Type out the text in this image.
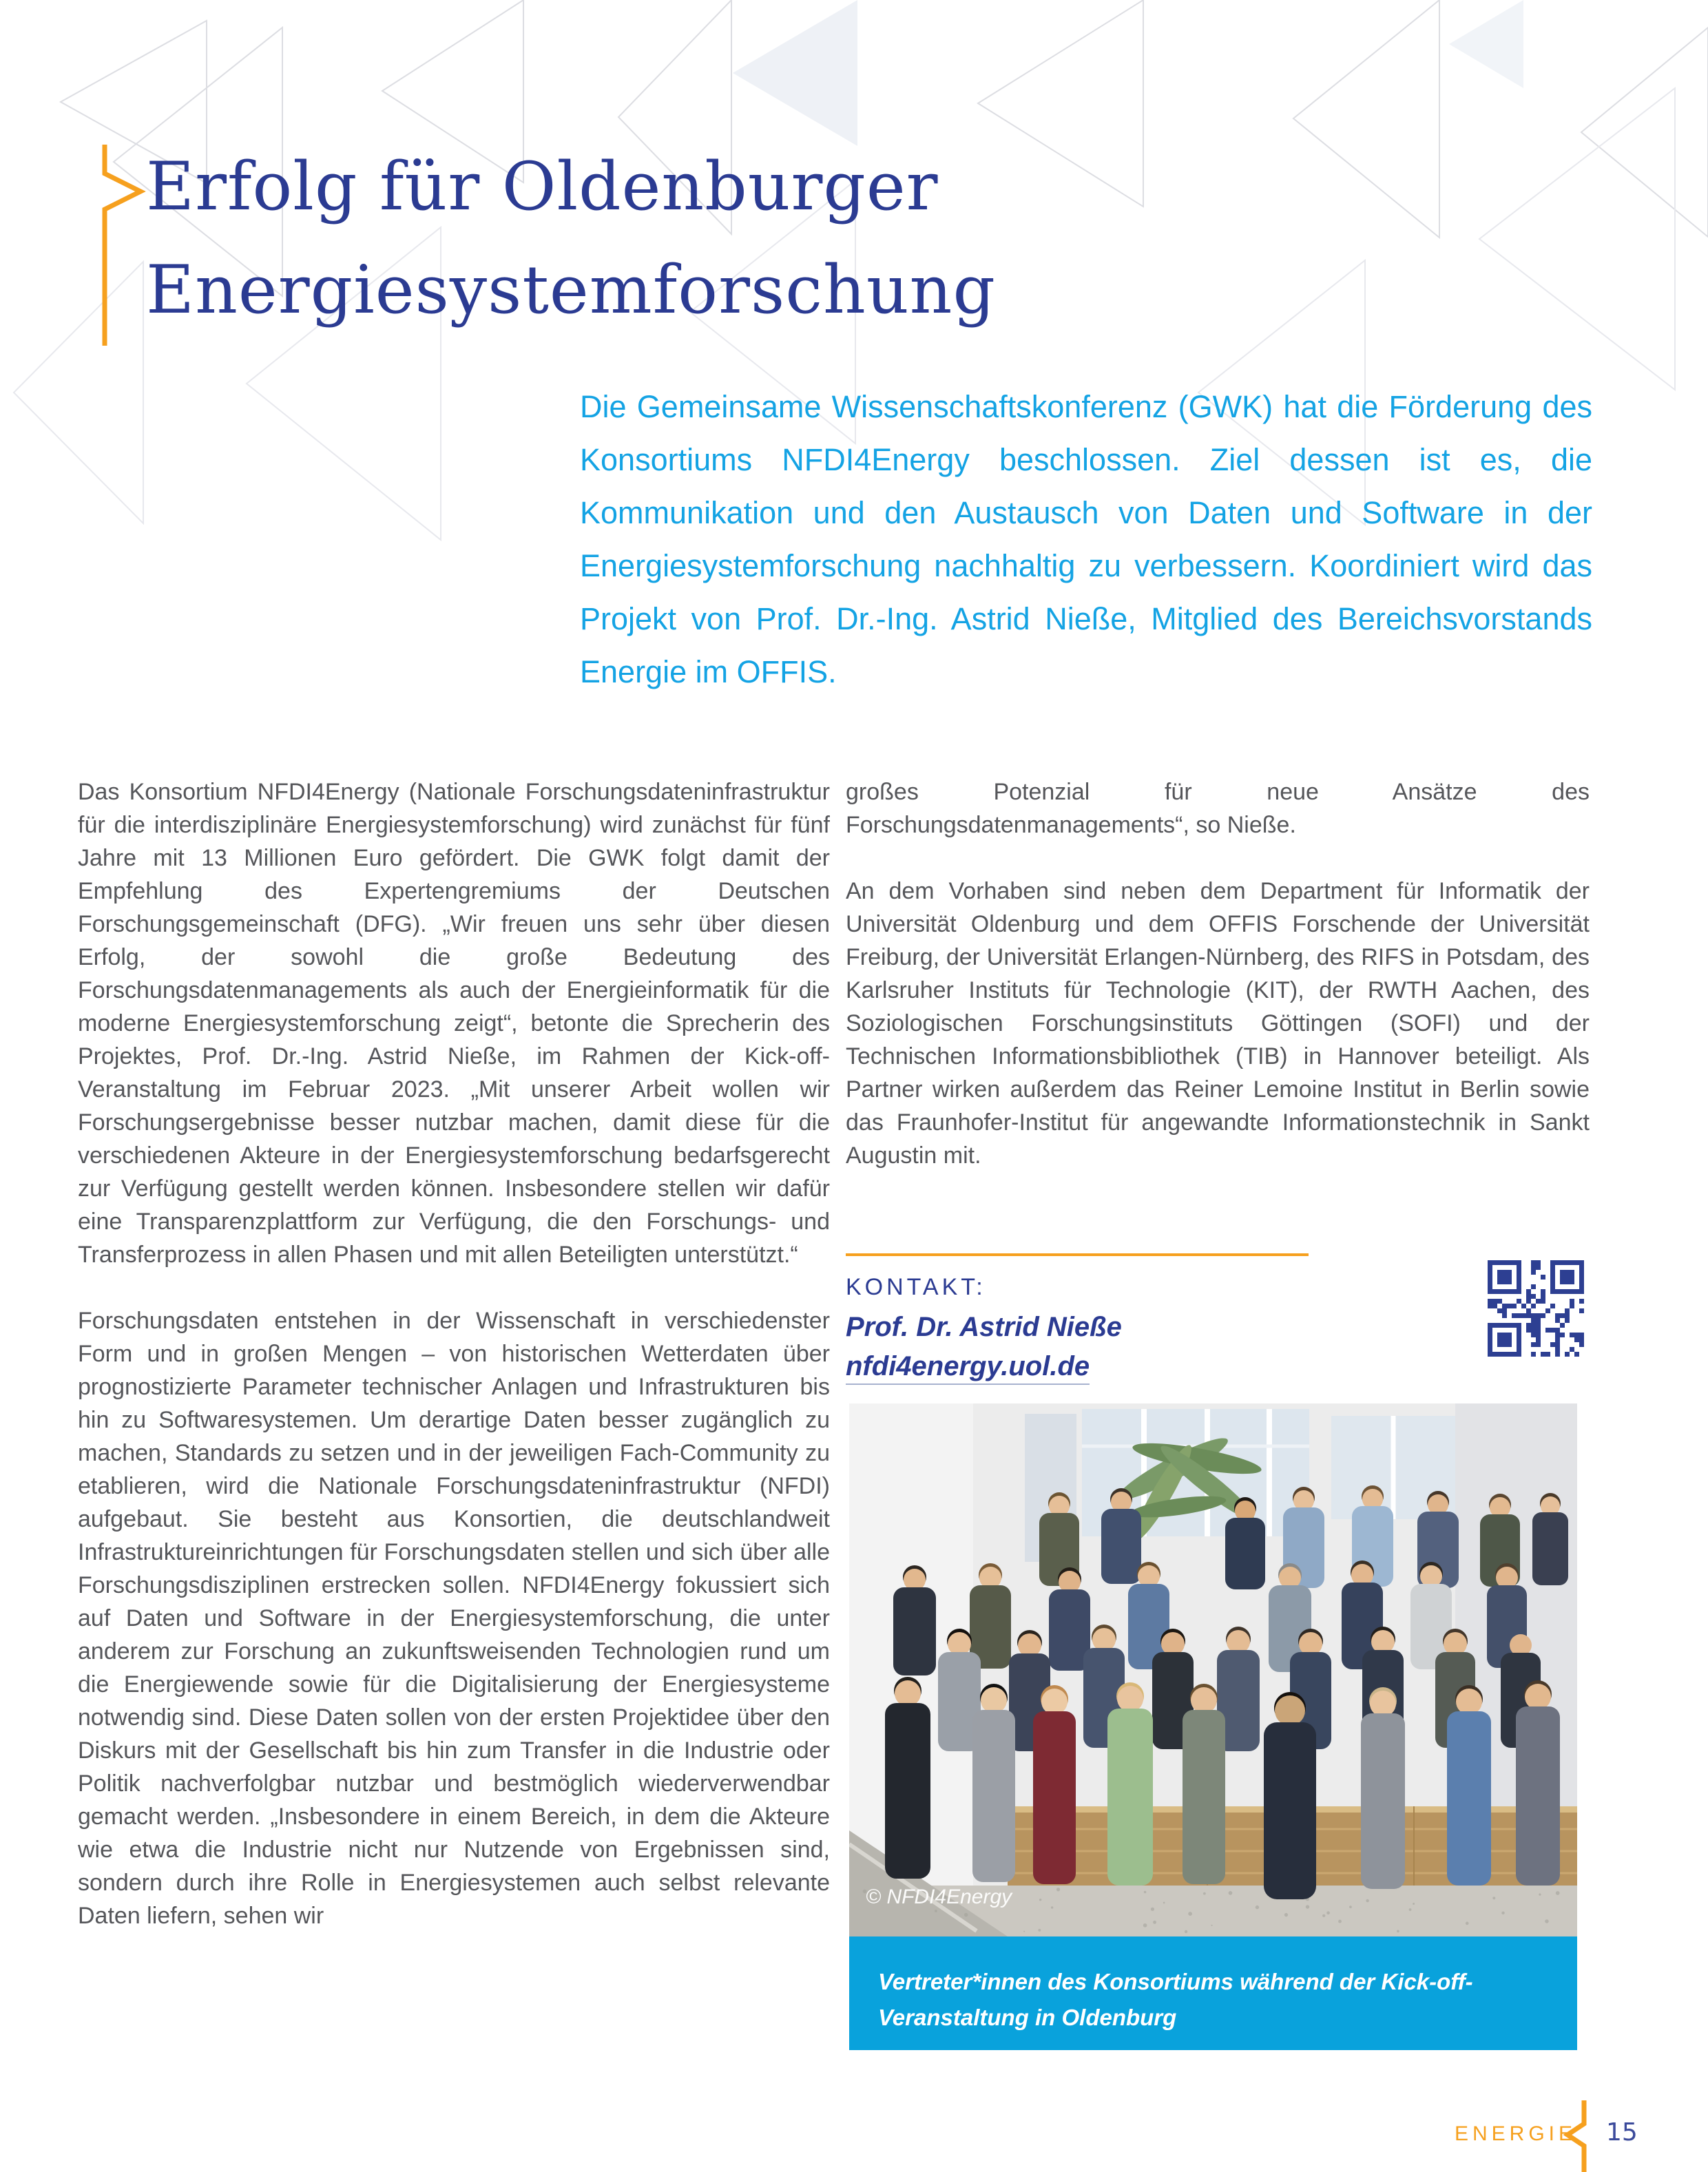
Erfolg für Oldenburger
Energiesystemforschung
Die Gemeinsame Wissenschaftskonferenz (GWK) hat die Förderung des Konsortiums NFDI4Energy beschlossen. Ziel dessen ist es, die Kommunikation und den Austausch von Daten und Software in der Energiesystemforschung nachhaltig zu verbessern. Koordiniert wird das Projekt von Prof. Dr.-Ing. Astrid Nieße, Mitglied des Bereichsvorstands Energie im OFFIS.

Das Konsortium NFDI4Energy (Nationale Forschungsdateninfrastruktur für die interdisziplinäre Energiesystemforschung) wird zunächst für fünf Jahre mit 13 Millionen Euro gefördert. Die GWK folgt damit der Empfehlung des Expertengremiums der Deutschen Forschungsgemeinschaft (DFG). „Wir freuen uns sehr über diesen Erfolg, der sowohl die große Bedeutung des Forschungsdatenmanagements als auch der Energieinformatik für die moderne Energiesystemforschung zeigt“, betonte die Sprecherin des Projektes, Prof. Dr.-Ing. Astrid Nieße, im Rahmen der Kick-off-Veranstaltung im Februar 2023. „Mit unserer Arbeit wollen wir Forschungsergebnisse besser nutzbar machen, damit diese für die verschiedenen Akteure in der Energiesystemforschung bedarfsgerecht zur Verfügung gestellt werden können. Insbesondere stellen wir dafür eine Transparenzplattform zur Verfügung, die den Forschungs- und Transferprozess in allen Phasen und mit allen Beteiligten unterstützt.“

Forschungsdaten entstehen in der Wissenschaft in verschiedenster Form und in großen Mengen – von historischen Wetterdaten über prognostizierte Parameter technischer Anlagen und Infrastrukturen bis hin zu Softwaresystemen. Um derartige Daten besser zugänglich zu machen, Standards zu setzen und in der jeweiligen Fach-Community zu etablieren, wird die Nationale Forschungsdateninfrastruktur (NFDI) aufgebaut. Sie besteht aus Konsortien, die deutschlandweit Infrastruktureinrichtungen für Forschungsdaten stellen und sich über alle Forschungsdisziplinen erstrecken sollen. NFDI4Energy fokussiert sich auf Daten und Software in der Energiesystemforschung, die unter anderem zur Forschung an zukunftsweisenden Technologien rund um die Energiewende sowie für die Digitalisierung der Energiesysteme notwendig sind. Diese Daten sollen von der ersten Projektidee über den Diskurs mit der Gesellschaft bis hin zum Transfer in die Industrie oder Politik nachverfolgbar nutzbar und bestmöglich wiederverwendbar gemacht werden. „Insbesondere in einem Bereich, in dem die Akteure wie etwa die Industrie nicht nur Nutzende von Ergebnissen sind, sondern durch ihre Rolle in Energiesystemen auch selbst relevante Daten liefern, sehen wir

großes Potenzial für neue Ansätze des Forschungsdatenmanagements“, so Nieße.

An dem Vorhaben sind neben dem Department für Informatik der Universität Oldenburg und dem OFFIS Forschende der Universität Freiburg, der Universität Erlangen-Nürnberg, des RIFS in Potsdam, des Karlsruher Instituts für Technologie (KIT), der RWTH Aachen, des Soziologischen Forschungsinstituts Göttingen (SOFI) und der Technischen Informationsbibliothek (TIB) in Hannover beteiligt. Als Partner wirken außerdem das Reiner Lemoine Institut in Berlin sowie das Fraunhofer-Institut für angewandte Informationstechnik in Sankt Augustin mit.

KONTAKT:

Prof. Dr. Astrid Nieße

nfdi4energy.uol.de
© NFDI4Energy

Vertreter*innen des Konsortiums während der Kick-off-Veranstaltung in Oldenburg

ENERGIE 15
